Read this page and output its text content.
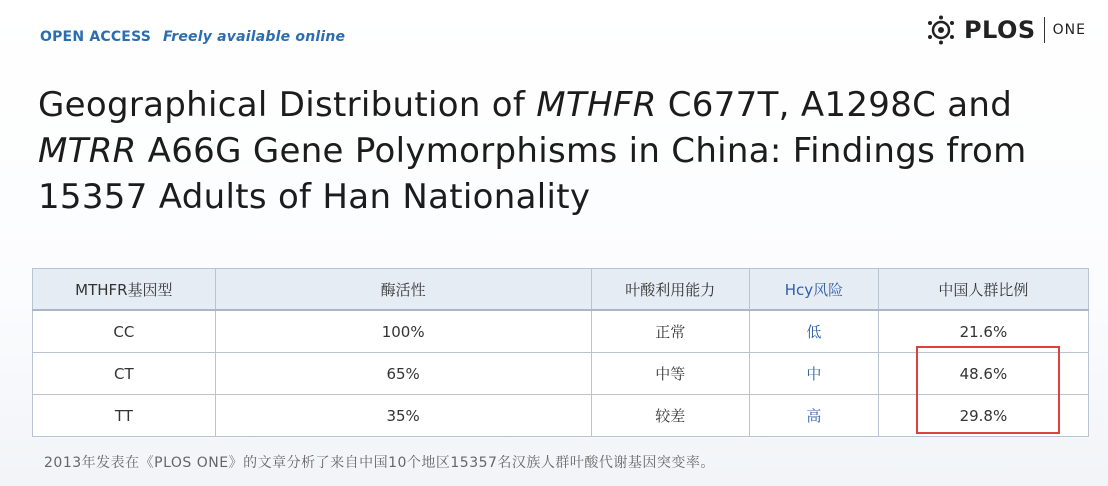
OPEN ACCESS Freely available online	PLOS ONE
Geographical Distribution of MTHFR C677T, A1298C and MTRR A66G Gene Polymorphisms in China: Findings from 15357 Adults of Han Nationality
MTHFR基因型	酶活性	叶酸利用能力	Hcy风险	中国人群比例
CC	100%	正常	低	21.6%
CT	65%	中等	中	48.6%
TT	35%	较差	高	29.8%
2013年发表在《PLOS ONE》的文章分析了来自中国10个地区15357名汉族人群叶酸代谢基因突变率。
